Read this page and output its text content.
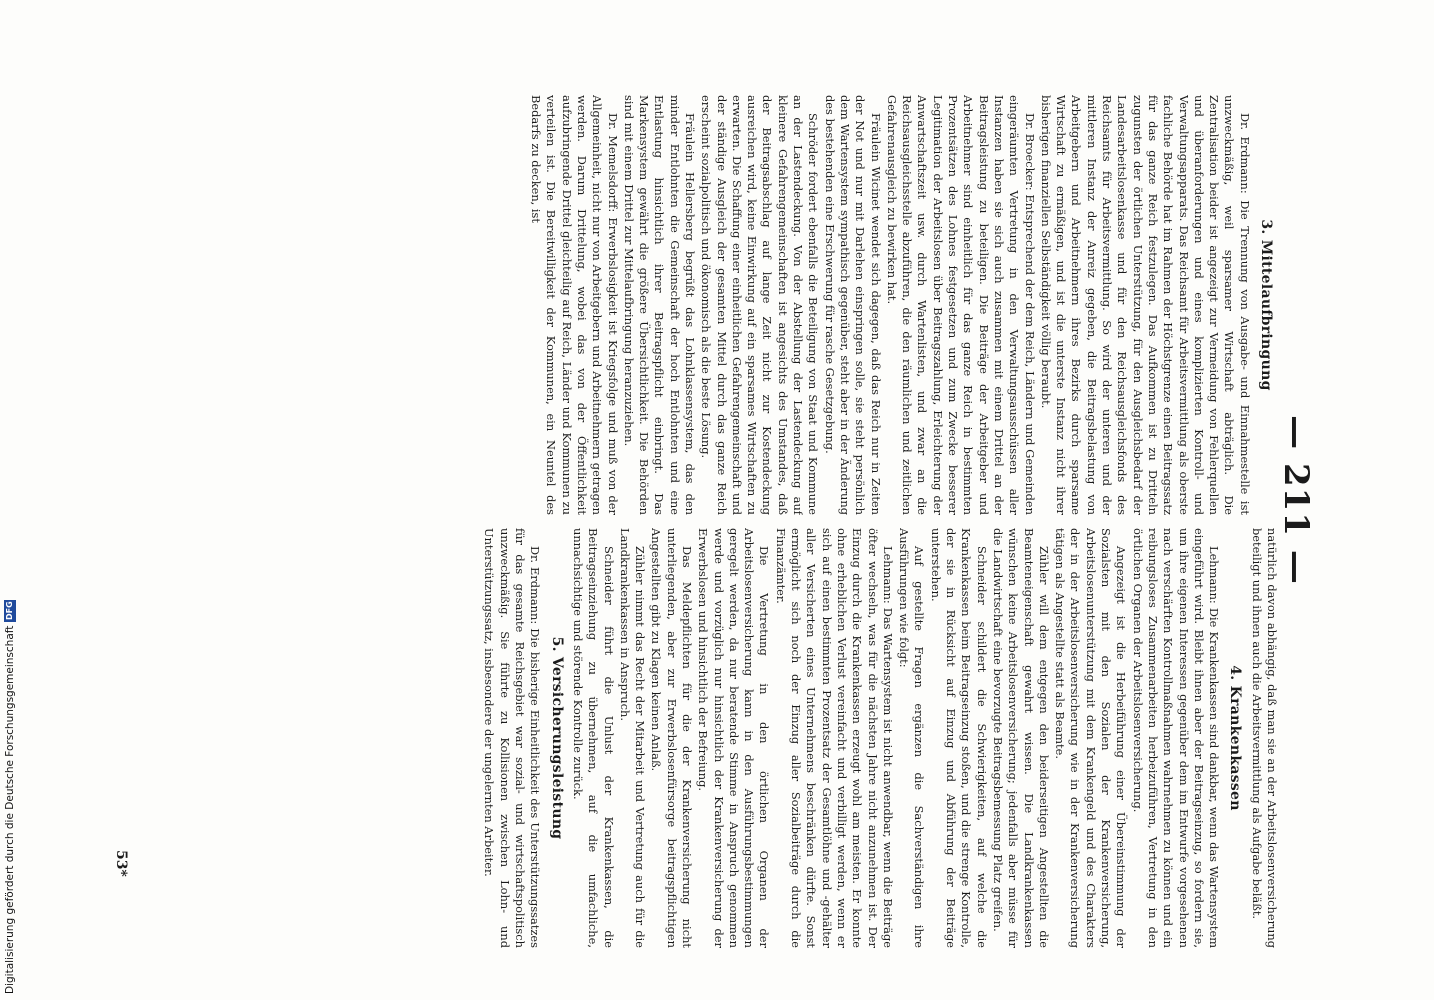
— 211 —
3. Mittelaufbringung

Dr. Erdmann: Die Trennung von Ausgabe- und Einnahmestelle ist unzweckmäßig, weil sparsamer Wirtschaft abträglich. Die Zentralisation beider ist angezeigt zur Vermeidung von Fehlerquellen und überanforderungen und eines komplizierten Kontroll- und Verwaltungsapparats. Das Reichsamt für Arbeitsvermittlung als oberste fachliche Behörde hat im Rahmen der Höchstgrenze einen Beitragssatz für das ganze Reich festzulegen. Das Aufkommen ist zu Dritteln zugunsten der örtlichen Unterstützung, für den Ausgleichsbedarf der Landesarbeitslosenkasse und für den Reichsausgleichsfonds des Reichsamts für Arbeitsvermittlung. So wird der unteren und der mittleren Instanz der Anreiz gegeben, die Beitragsbelastung von Arbeitgebern und Arbeitnehmern ihres Bezirks durch sparsame Wirtschaft zu ermäßigen, und ist die unterste Instanz nicht ihrer bisherigen finanziellen Selbständigkeit völlig beraubt.

Dr. Broecker: Entsprechend der dem Reich, Ländern und Gemeinden eingeräumten Vertretung in den Verwaltungsausschüssen aller Instanzen haben sie sich auch zusammen mit einem Drittel an der Beitragsleistung zu beteiligen. Die Beiträge der Arbeitgeber und Arbeitnehmer sind einheitlich für das ganze Reich in bestimmten Prozentsätzen des Lohnes festgesetzen und zum Zwecke besserer Legitimation der Arbeitslosen über Beitragszahlung, Erleichterung der Anwartschaftszeit usw. durch Wartenlisten, und zwar an die Reichsausgleichsstelle abzuführen, die den räumlichen und zeitlichen Gefahrenausgleich zu bewirken hat.

Fräulein Wicinet wendet sich dagegen, daß das Reich nur in Zeiten der Not und nur mit Darlehen einspringen solle, sie steht persönlich dem Wartensystem sympathisch gegenüber, steht aber in der Änderung des bestehenden eine Erschwerung für rasche Gesetzgebung.

Schröder fordert ebenfalls die Beteiligung von Staat und Kommune an der Lastendeckung. Von der Abstellung der Lastendeckung auf kleinere Gefahrengemeinschaften ist angesichts des Umstandes, daß der Beitragsabschlag auf lange Zeit nicht zur Kostendeckung ausreichen wird, keine Einwirkung auf ein sparsames Wirtschaften zu erwarten. Die Schaffung einer einheitlichen Gefahrengemeinschaft und der ständige Ausgleich der gesamten Mittel durch das ganze Reich erscheint sozialpolitisch und ökonomisch als die beste Lösung.

Fräulein Hellersberg begrüßt das Lohnklassensystem, das den minder Entlohnten die Gemeinschaft der hoch Entlohnten und eine Entlastung hinsichtlich ihrer Beitragspflicht einbringt. Das Markensystem gewährt die größere Übersichtlichkeit. Die Behörden sind mit einem Drittel zur Mittelaufbringung heranzuziehen.

Dr. Memelsdorff: Erwerbslosigkeit ist Kriegsfolge und muß von der Allgemeinheit, nicht nur von Arbeitgebern und Arbeitnehmern getragen werden. Darum Drittelung, wobei das von der Öffentlichkeit aufzubringende Drittel gleichteilig auf Reich, Länder und Kommunen zu verteilen ist. Die Bereitwilligkeit der Kommunen, ein Neuntel des Bedarfs zu decken, ist

natürlich davon abhängig, daß man sie an der Arbeitslosenversicherung beteiligt und ihnen auch die Arbeitsvermittlung als Aufgabe beläßt.

4. Krankenkassen

Lehmann: Die Krankenkassen sind dankbar, wenn das Wartensystem eingeführt wird. Bleibt ihnen aber der Beitragseinzug, so fordern sie, um ihre eigenen Interessen gegenüber dem im Entwurfe vorgesehenen nach verschärften Kontrollmaßnahmen wahrnehmen zu können und ein reibungsloses Zusammenarbeiten herbeizuführen, Vertretung in den örtlichen Organen der Arbeitslosenversicherung.

Angezeigt ist die Herbeiführung einer Übereinstimmung der Sozialsten mit den Sozialen der Krankenversicherung, Arbeitslosenunterstützung mit dem Krankengeld und des Charakters der in der Arbeitslosenversicherung wie in der Krankenversicherung tätigen als Angestellte statt als Beamte.

Zühler will dem entgegen den beiderseitigen Angestellten die Beamteneigenschaft gewahrt wissen. Die Landkrankenkassen wünschen keine Arbeitslosenversicherung; jedenfalls aber müsse für die Landwirtschaft eine bevorzugte Beitragsbemessung Platz greifen.

Schneider schildert die Schwierigkeiten, auf welche die Krankenkassen beim Beitragseinzug stoßen, und die strenge Kontrolle, der sie in Rücksicht auf Einzug und Abführung der Beiträge unterstehen.

Auf gestellte Fragen ergänzen die Sachverständigen ihre Ausführungen wie folgt:

Lehmann: Das Wartensystem ist nicht anwendbar, wenn die Beiträge öfter wechseln, was für die nächsten Jahre nicht anzunehmen ist. Der Einzug durch die Krankenkassen erzeugt wohl am meisten. Er konnte ohne erheblichen Verlust vereinfacht und verbilligt werden, wenn er sich auf einen bestimmten Prozentsatz der Gesamtlöhne und -gehälter aller Versicherten eines Unternehmens beschränken dürfte. Sonst ermöglicht sich noch der Einzug aller Sozialbeiträge durch die Finanzämter.

Die Vertretung in den örtlichen Organen der Arbeitslosenversicherung kann in den Ausführungsbestimmungen geregelt werden, da nur beratende Stimme in Anspruch genommen werde und vorzüglich nur hinsichtlich der Krankenversicherung der Erwerbslosen und hinsichtlich der Befreiung.

Das Meldepflichten für die der Krankenversicherung nicht unterliegenden, aber zur Erwerbslosenfürsorge beitragspflichtigen Angestellten gibt zu Klagen keinen Anlaß.

Zühler nimmt das Recht der Mitarbeit und Vertretung auch für die Landkrankenkassen in Anspruch.

Schneider führt die Unlust der Krankenkassen, die Beitragseinziehung zu übernehmen, auf die umfachliche, unnachsichtige und störende Kontrolle zurück.

5. Versicherungsleistung

Dr. Erdmann: Die bisherige Einheitlichkeit des Unterstützungssatzes für das gesamte Reichsgebiet war sozial- und wirtschaftspolitisch unzweckmäßig. Sie führte zu Kollisionen zwischen Lohn- und Unterstützungssatz, insbesondere der ungelernten Arbeiter.

53*
Digitalisierung gefördert durch die Deutsche Forschungsgemeinschaft
DFG
